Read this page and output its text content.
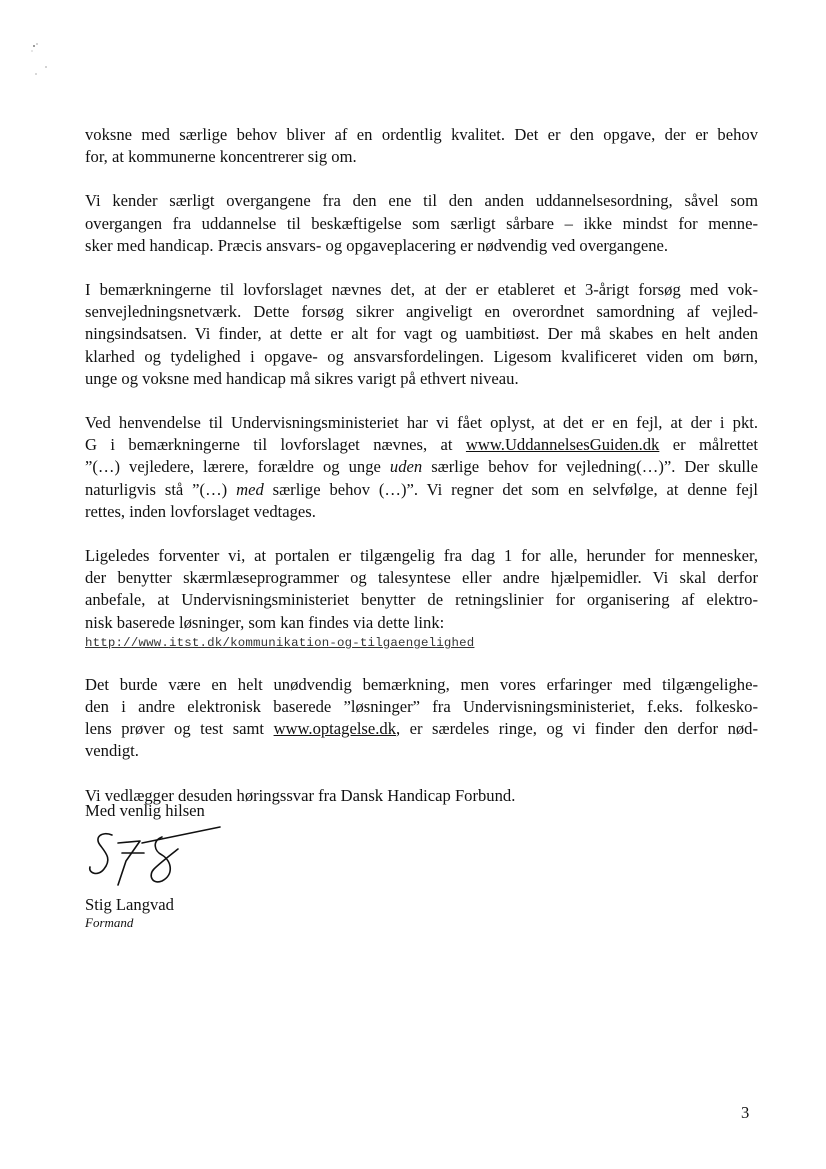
voksne med særlige behov bliver af en ordentlig kvalitet. Det er den opgave, der er behov
for, at kommunerne koncentrerer sig om.

Vi kender særligt overgangene fra den ene til den anden uddannelsesordning, såvel som
overgangen fra uddannelse til beskæftigelse som særligt sårbare – ikke mindst for menne-
sker med handicap. Præcis ansvars- og opgaveplacering er nødvendig ved overgangene.

I bemærkningerne til lovforslaget nævnes det, at der er etableret et 3-årigt forsøg med vok-
senvejledningsnetværk. Dette forsøg sikrer angiveligt en overordnet samordning af vejled-
ningsindsatsen. Vi finder, at dette er alt for vagt og uambitiøst. Der må skabes en helt anden
klarhed og tydelighed i opgave- og ansvarsfordelingen. Ligesom kvalificeret viden om børn,
unge og voksne med handicap må sikres varigt på ethvert niveau.

Ved henvendelse til Undervisningsministeriet har vi fået oplyst, at det er en fejl, at der i pkt.
G i bemærkningerne til lovforslaget nævnes, at www.UddannelsesGuiden.dk er målrettet
”(…) vejledere, lærere, forældre og unge uden særlige behov for vejledning(…)”. Der skulle
naturligvis stå ”(…) med særlige behov (…)”. Vi regner det som en selvfølge, at denne fejl
rettes, inden lovforslaget vedtages.

Ligeledes forventer vi, at portalen er tilgængelig fra dag 1 for alle, herunder for mennesker,
der benytter skærmlæseprogrammer og talesyntese eller andre hjælpemidler. Vi skal derfor
anbefale, at Undervisningsministeriet benytter de retningslinier for organisering af elektro-
nisk baserede løsninger, som kan findes via dette link:
http://www.itst.dk/kommunikation-og-tilgaengelighed

Det burde være en helt unødvendig bemærkning, men vores erfaringer med tilgængelighe-
den i andre elektronisk baserede ”løsninger” fra Undervisningsministeriet, f.eks. folkesko-
lens prøver og test samt www.optagelse.dk, er særdeles ringe, og vi finder den derfor nød-
vendigt.

Vi vedlægger desuden høringssvar fra Dansk Handicap Forbund.

Med venlig hilsen
Stig Langvad
Formand
3
